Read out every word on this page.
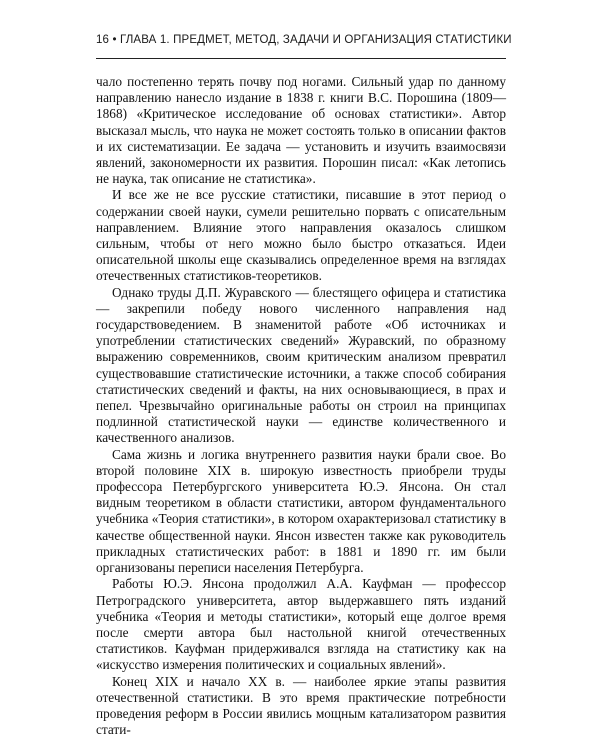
16 • ГЛАВА 1. ПРЕДМЕТ, МЕТОД, ЗАДАЧИ И ОРГАНИЗАЦИЯ СТАТИСТИКИ

чало постепенно терять почву под ногами. Сильный удар по данному направлению нанесло издание в 1838 г. книги В.С. Порошина (1809—1868) «Критическое исследование об основах статистики». Автор высказал мысль, что наука не может состоять только в описании фактов и их систематизации. Ее задача — установить и изучить взаимосвязи явлений, закономерности их развития. Порошин писал: «Как летопись не наука, так описание не статистика».

И все же не все русские статистики, писавшие в этот период о содержании своей науки, сумели решительно порвать с описательным направлением. Влияние этого направления оказалось слишком сильным, чтобы от него можно было быстро отказаться. Идеи описательной школы еще сказывались определенное время на взглядах отечественных статистиков-теоретиков.

Однако труды Д.П. Журавского — блестящего офицера и статистика — закрепили победу нового численного направления над государствоведением. В знаменитой работе «Об источниках и употреблении статистических сведений» Журавский, по образному выражению современников, своим критическим анализом превратил существовавшие статистические источники, а также способ собирания статистических сведений и факты, на них основывающиеся, в прах и пепел. Чрезвычайно оригинальные работы он строил на принципах подлинной статистической науки — единстве количественного и качественного анализов.

Сама жизнь и логика внутреннего развития науки брали свое. Во второй половине XIX в. широкую известность приобрели труды профессора Петербургского университета Ю.Э. Янсона. Он стал видным теоретиком в области статистики, автором фундаментального учебника «Теория статистики», в котором охарактеризовал статистику в качестве общественной науки. Янсон известен также как руководитель прикладных статистических работ: в 1881 и 1890 гг. им были организованы переписи населения Петербурга.

Работы Ю.Э. Янсона продолжил А.А. Кауфман — профессор Петроградского университета, автор выдержавшего пять изданий учебника «Теория и методы статистики», который еще долгое время после смерти автора был настольной книгой отечественных статистиков. Кауфман придерживался взгляда на статистику как на «искусство измерения политических и социальных явлений».

Конец XIX и начало XX в. — наиболее яркие этапы развития отечественной статистики. В это время практические потребности проведения реформ в России явились мощным катализатором развития стати-
